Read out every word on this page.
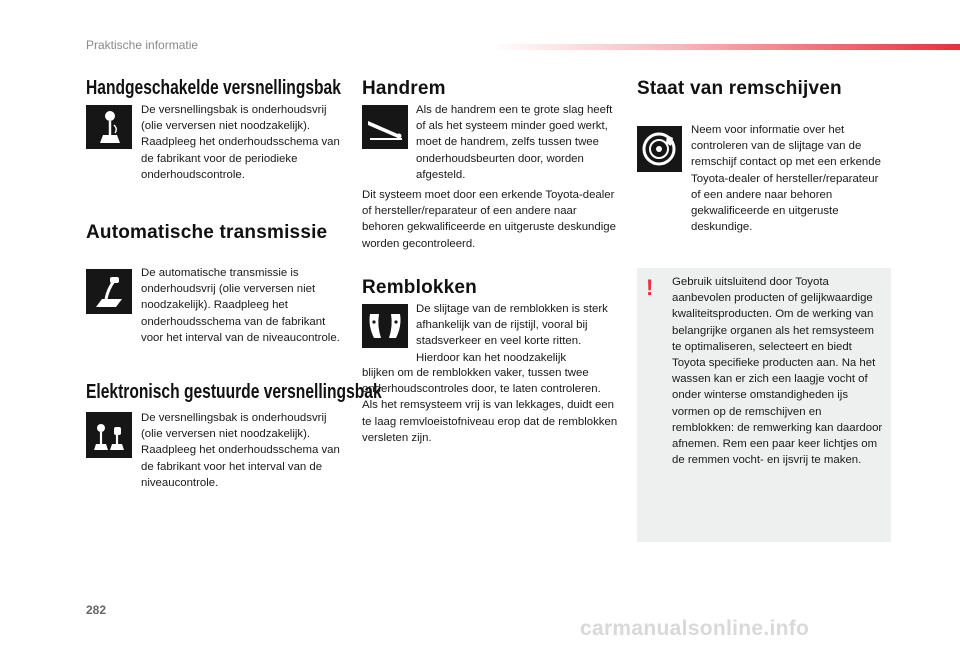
Praktische informatie
Handgeschakelde versnellingsbak
De versnellingsbak is onderhoudsvrij (olie verversen niet noodzakelijk). Raadpleeg het onderhoudsschema van de fabrikant voor de periodieke onderhoudscontrole.
Automatische transmissie
De automatische transmissie is onderhoudsvrij (olie verversen niet noodzakelijk). Raadpleeg het onderhoudsschema van de fabrikant voor het interval van de niveaucontrole.
Elektronisch gestuurde versnellingsbak
De versnellingsbak is onderhoudsvrij (olie verversen niet noodzakelijk). Raadpleeg het onderhoudsschema van de fabrikant voor het interval van de niveaucontrole.
Handrem
Als de handrem een te grote slag heeft of als het systeem minder goed werkt, moet de handrem, zelfs tussen twee onderhoudsbeurten door, worden afgesteld.
Dit systeem moet door een erkende Toyota-dealer of hersteller/reparateur of een andere naar behoren gekwalificeerde en uitgeruste deskundige worden gecontroleerd.
Remblokken
De slijtage van de remblokken is sterk afhankelijk van de rijstijl, vooral bij stadsverkeer en veel korte ritten. Hierdoor kan het noodzakelijk
blijken om de remblokken vaker, tussen twee onderhoudscontroles door, te laten controleren. Als het remsysteem vrij is van lekkages, duidt een te laag remvloeistofniveau erop dat de remblokken versleten zijn.
Staat van remschijven
Neem voor informatie over het controleren van de slijtage van de remschijf contact op met een erkende Toyota-dealer of hersteller/reparateur of een andere naar behoren gekwalificeerde en uitgeruste deskundige.
! Gebruik uitsluitend door Toyota aanbevolen producten of gelijkwaardige kwaliteitsproducten. Om de werking van belangrijke organen als het remsysteem te optimaliseren, selecteert en biedt Toyota specifieke producten aan. Na het wassen kan er zich een laagje vocht of onder winterse omstandigheden ijs vormen op de remschijven en remblokken: de remwerking kan daardoor afnemen. Rem een paar keer lichtjes om de remmen vocht- en ijsvrij te maken.
282
carmanualsonline.info
